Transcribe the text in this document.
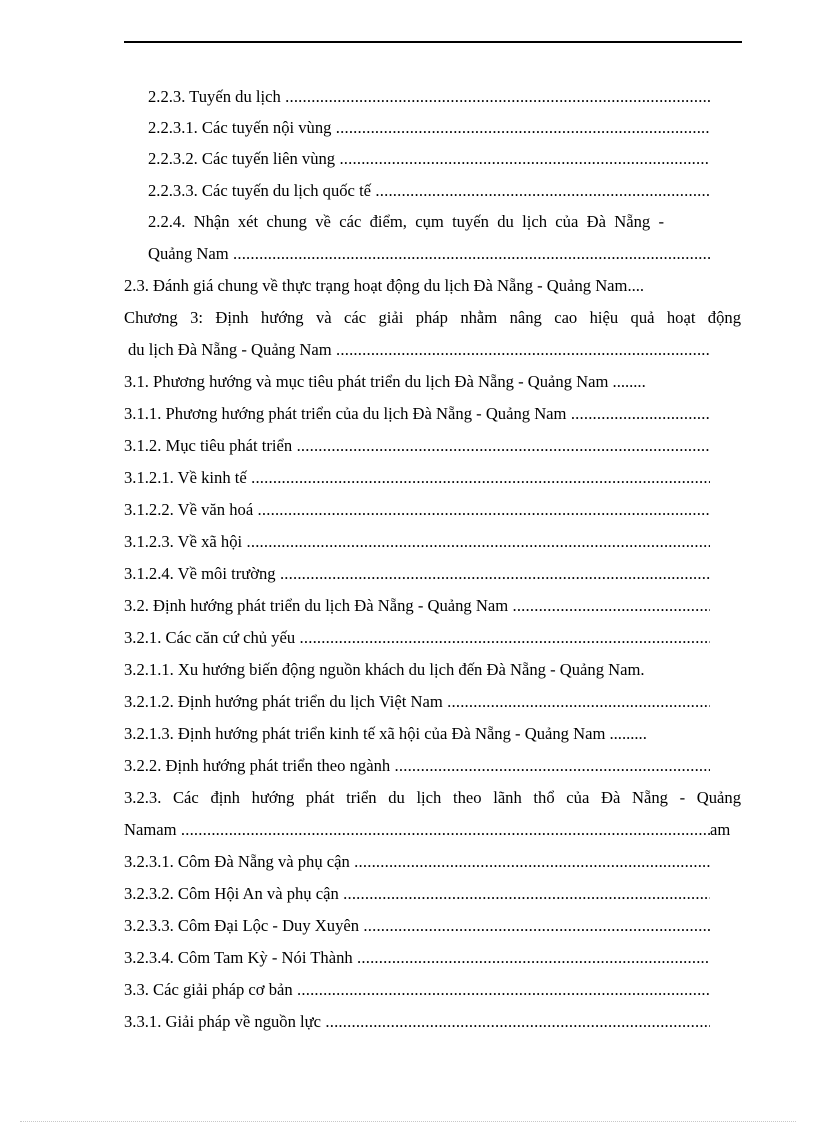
2.2.3. Tuyến du lịch .....
2.2.3.1. Các tuyến nội vùng .....
2.2.3.2. Các tuyến liên vùng .....
2.2.3.3. Các tuyến du lịch quốc tế .....
2.2.4. Nhận xét chung về các điểm, cụm tuyến du lịch của Đà Nẵng -
Quảng Nam .....
2.3. Đánh giá chung về thực trạng hoạt động du lịch Đà Nẵng - Quảng Nam....
Chương 3: Định hướng và các giải pháp nhằm nâng cao hiệu quả hoạt động
du lịch Đà Nẵng - Quảng Nam .....
3.1. Phương hướng và mục tiêu phát triển du lịch Đà Nẵng - Quảng Nam ........
3.1.1. Phương hướng phát triển của du lịch Đà Nẵng - Quảng Nam .....
3.1.2. Mục tiêu phát triển .....
3.1.2.1. Về kinh tế .....
3.1.2.2. Về văn hoá .....
3.1.2.3. Về xã hội .....
3.1.2.4. Về môi trường .....
3.2. Định hướng phát triển du lịch Đà Nẵng - Quảng Nam .....
3.2.1. Các căn cứ chủ yếu .....
3.2.1.1. Xu hướng biến động nguồn khách du lịch đến Đà Nẵng - Quảng Nam.
3.2.1.2. Định hướng phát triển du lịch Việt Nam .....
3.2.1.3. Định hướng phát triển kinh tế xã hội của Đà Nẵng - Quảng Nam .........
3.2.2. Định hướng phát triển theo ngành .....
3.2.3. Các định hướng phát triển du lịch theo lãnh thổ của Đà Nẵng - Quảng
Namam .....	am
3.2.3.1. Côm Đà Nẵng và phụ cận .....
3.2.3.2. Côm Hội An và phụ cận .....
3.2.3.3. Côm Đại Lộc - Duy Xuyên .....
3.2.3.4. Côm Tam Kỳ - Nói Thành .....
3.3. Các giải pháp cơ bản .....
3.3.1. Giải pháp về nguồn lực .....
